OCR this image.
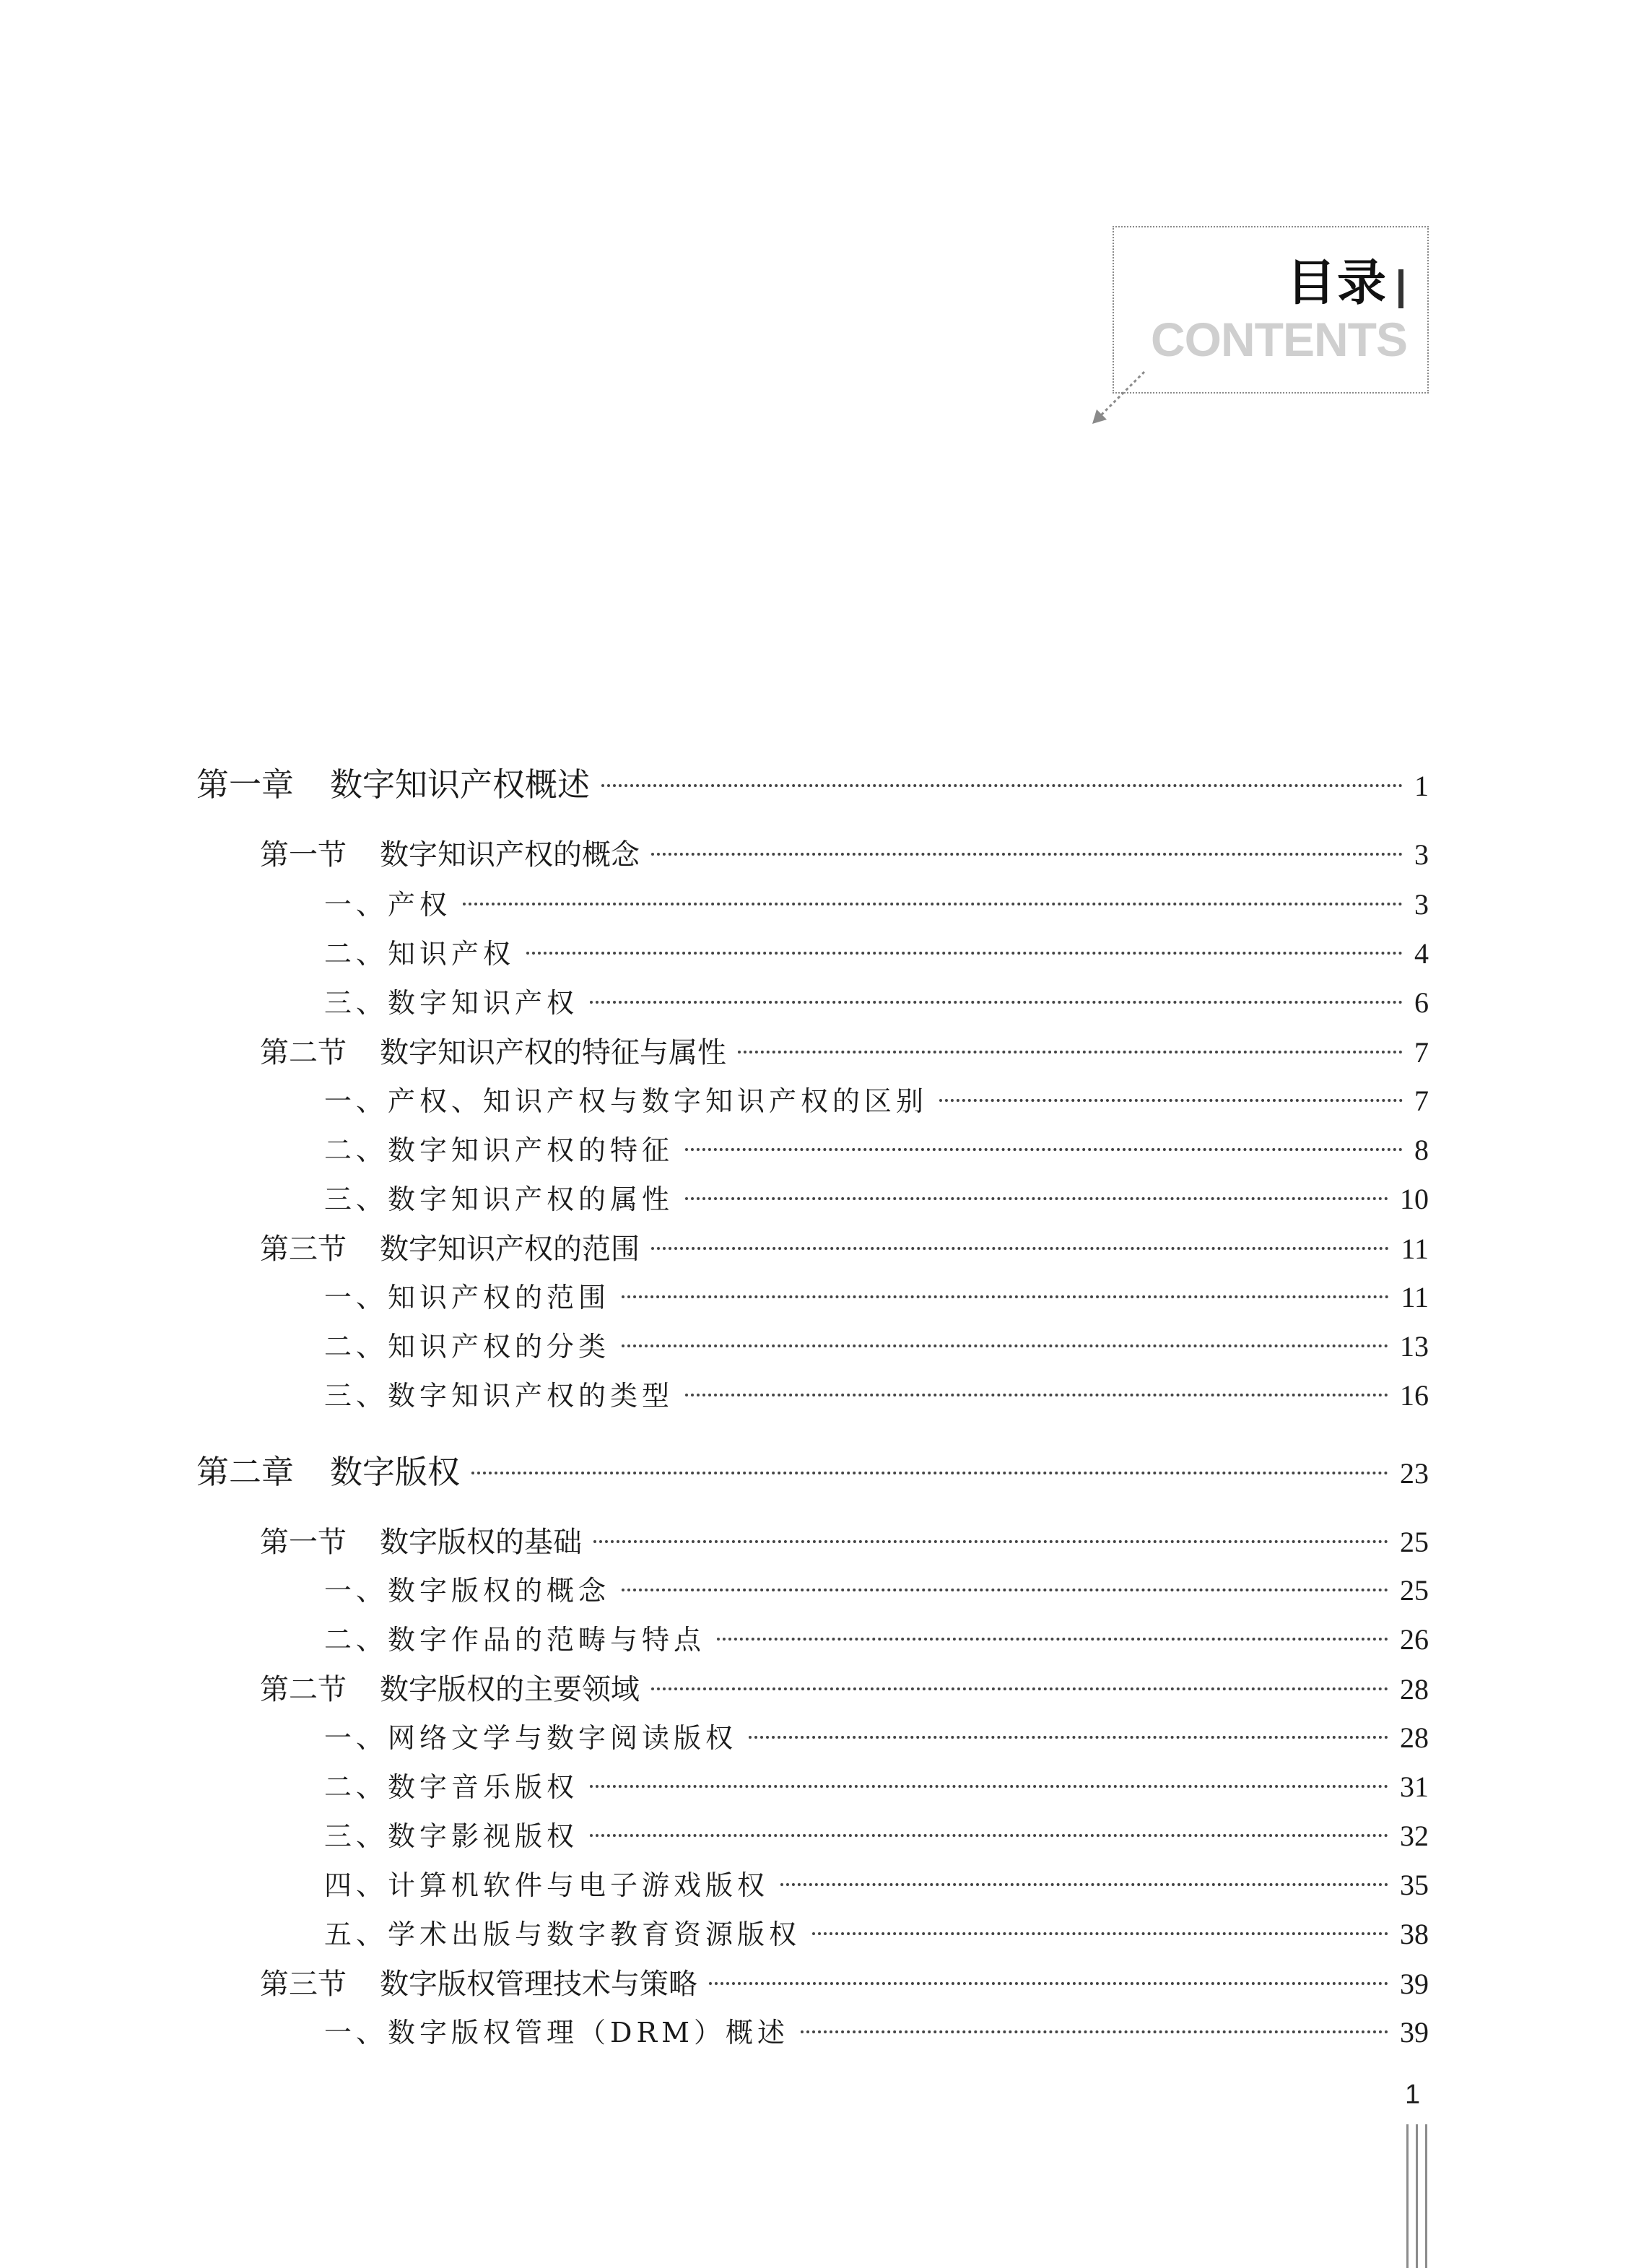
目录
CONTENTS
第一章 数字知识产权概述	1
第一节 数字知识产权的概念	3
一、产权	3
二、知识产权	4
三、数字知识产权	6
第二节 数字知识产权的特征与属性	7
一、产权、知识产权与数字知识产权的区别	7
二、数字知识产权的特征	8
三、数字知识产权的属性	10
第三节 数字知识产权的范围	11
一、知识产权的范围	11
二、知识产权的分类	13
三、数字知识产权的类型	16
第二章 数字版权	23
第一节 数字版权的基础	25
一、数字版权的概念	25
二、数字作品的范畴与特点	26
第二节 数字版权的主要领域	28
一、网络文学与数字阅读版权	28
二、数字音乐版权	31
三、数字影视版权	32
四、计算机软件与电子游戏版权	35
五、学术出版与数字教育资源版权	38
第三节 数字版权管理技术与策略	39
一、数字版权管理（DRM）概述	39
1
